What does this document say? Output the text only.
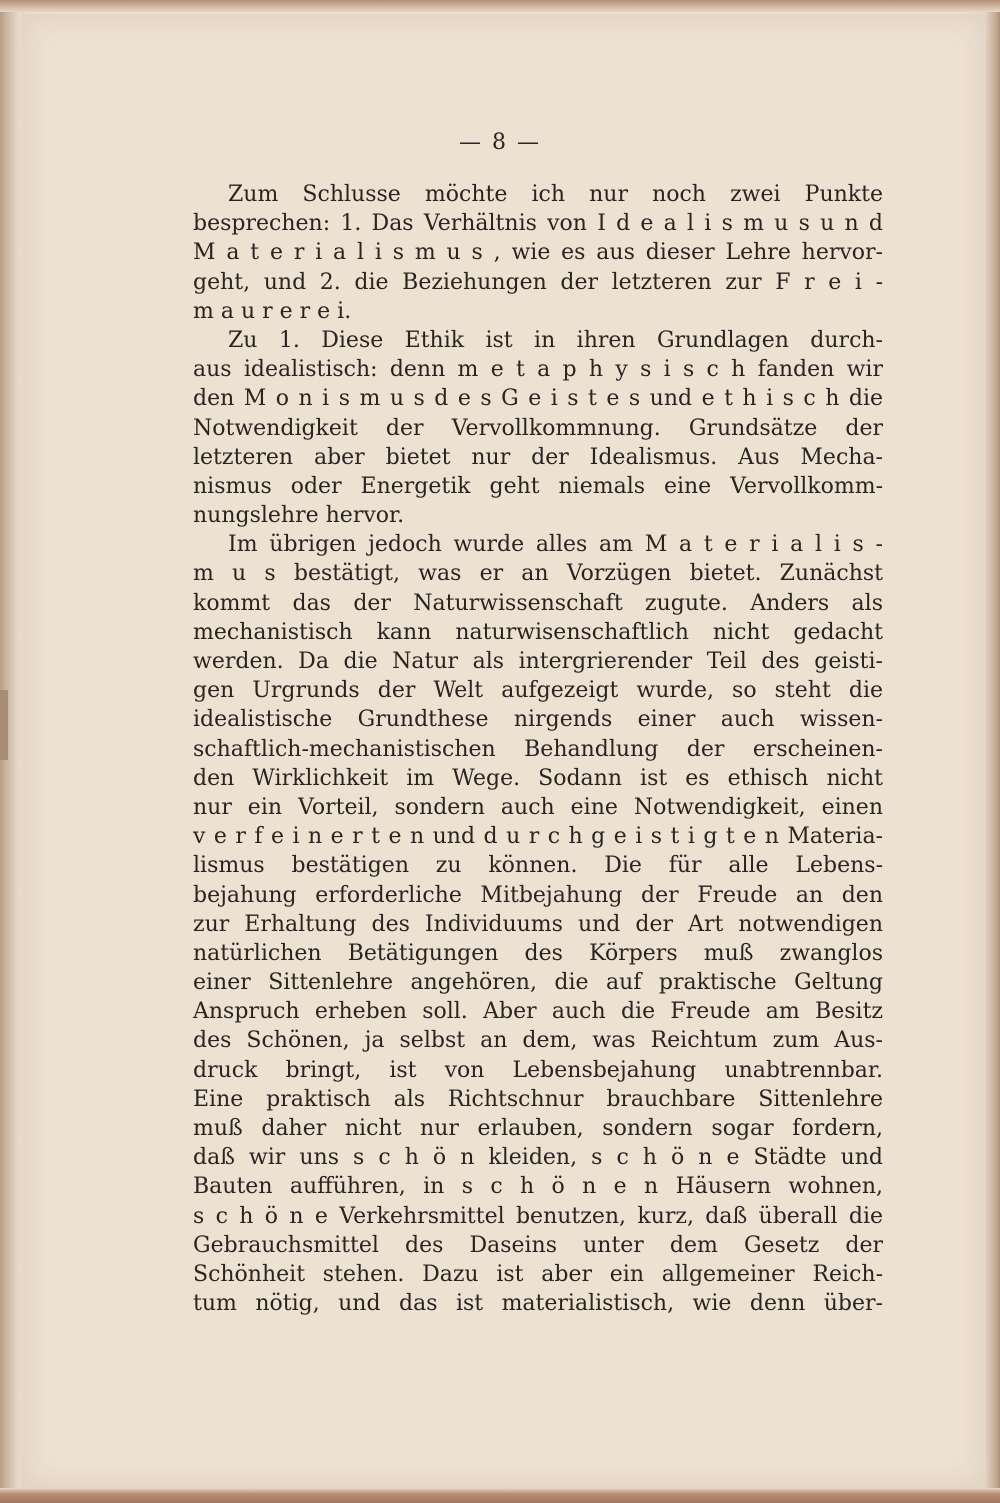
— 8 —
Zum Schlusse möchte ich nur noch zwei Punkte
besprechen: 1. Das Verhältnis von I d e a l i s m u s u n d
M a t e r i a l i s m u s , wie es aus dieser Lehre hervor-
geht, und 2. die Beziehungen der letzteren zur F r e i -
m a u r e r e i.
Zu 1. Diese Ethik ist in ihren Grundlagen durch-
aus idealistisch: denn m e t a p h y s i s c h fanden wir
den M o n i s m u s d e s G e i s t e s und e t h i s c h die
Notwendigkeit der Vervollkommnung. Grundsätze der
letzteren aber bietet nur der Idealismus. Aus Mecha-
nismus oder Energetik geht niemals eine Vervollkomm-
nungslehre hervor.
Im übrigen jedoch wurde alles am M a t e r i a l i s -
m u s bestätigt, was er an Vorzügen bietet. Zunächst
kommt das der Naturwissenschaft zugute. Anders als
mechanistisch kann naturwisenschaftlich nicht gedacht
werden. Da die Natur als intergrierender Teil des geisti-
gen Urgrunds der Welt aufgezeigt wurde, so steht die
idealistische Grundthese nirgends einer auch wissen-
schaftlich-mechanistischen Behandlung der erscheinen-
den Wirklichkeit im Wege. Sodann ist es ethisch nicht
nur ein Vorteil, sondern auch eine Notwendigkeit, einen
v e r f e i n e r t e n und d u r c h g e i s t i g t e n Materia-
lismus bestätigen zu können. Die für alle Lebens-
bejahung erforderliche Mitbejahung der Freude an den
zur Erhaltung des Individuums und der Art notwendigen
natürlichen Betätigungen des Körpers muß zwanglos
einer Sittenlehre angehören, die auf praktische Geltung
Anspruch erheben soll. Aber auch die Freude am Besitz
des Schönen, ja selbst an dem, was Reichtum zum Aus-
druck bringt, ist von Lebensbejahung unabtrennbar.
Eine praktisch als Richtschnur brauchbare Sittenlehre
muß daher nicht nur erlauben, sondern sogar fordern,
daß wir uns s c h ö n kleiden, s c h ö n e Städte und
Bauten aufführen, in s c h ö n e n Häusern wohnen,
s c h ö n e Verkehrsmittel benutzen, kurz, daß überall die
Gebrauchsmittel des Daseins unter dem Gesetz der
Schönheit stehen. Dazu ist aber ein allgemeiner Reich-
tum nötig, und das ist materialistisch, wie denn über-
